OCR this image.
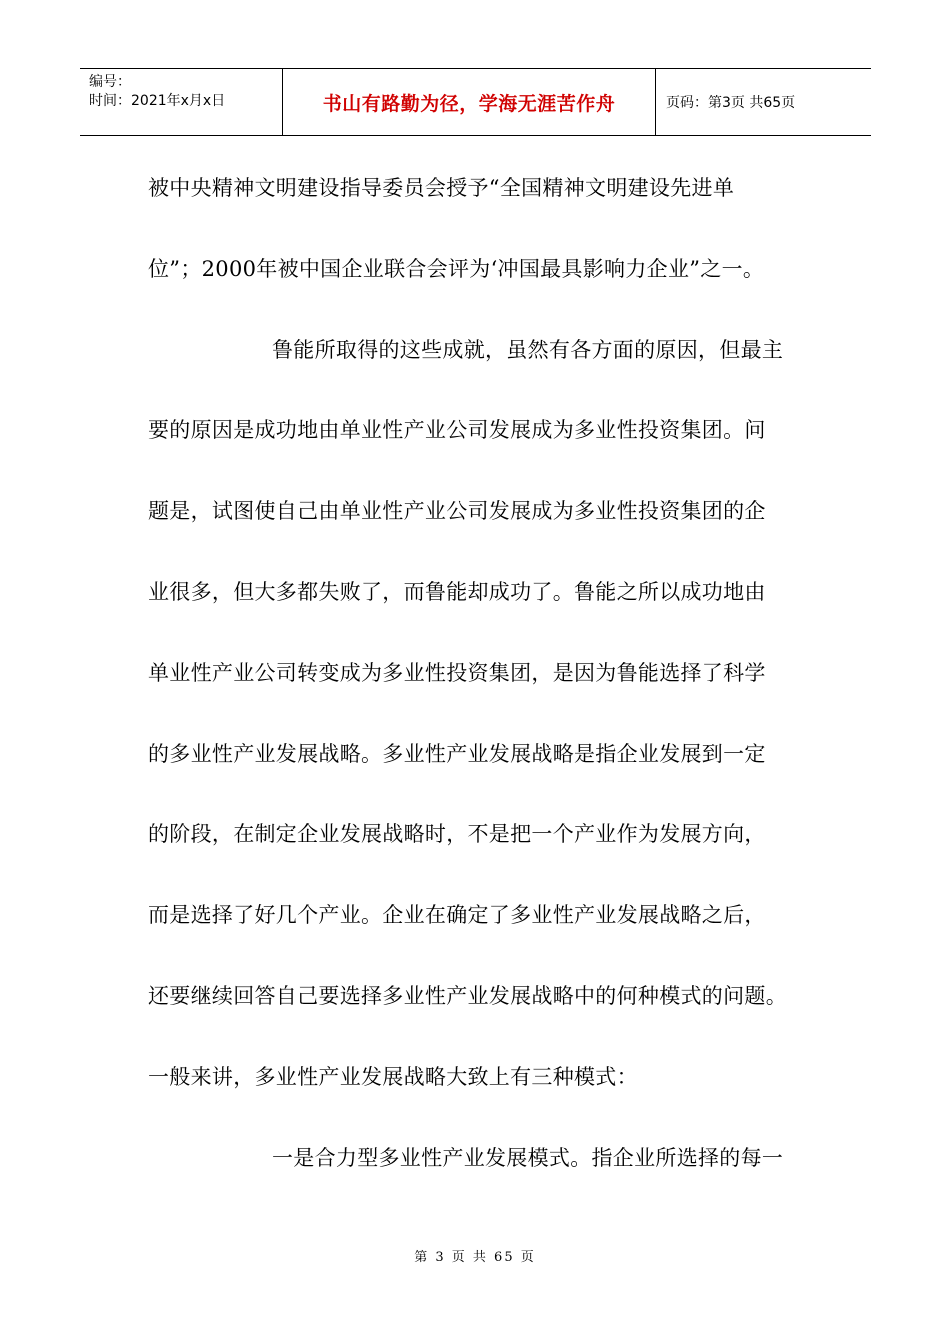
编号：
时间：2021年x月x日	书山有路勤为径，学海无涯苦作舟	页码：第3页 共65页
被中央精神文明建设指导委员会授予“全国精神文明建设先进单
位”；2000年被中国企业联合会评为‘冲国最具影响力企业”之一。
鲁能所取得的这些成就，虽然有各方面的原因，但最主
要的原因是成功地由单业性产业公司发展成为多业性投资集团。问
题是，试图使自己由单业性产业公司发展成为多业性投资集团的企
业很多，但大多都失败了，而鲁能却成功了。鲁能之所以成功地由
单业性产业公司转变成为多业性投资集团，是因为鲁能选择了科学
的多业性产业发展战略。多业性产业发展战略是指企业发展到一定
的阶段，在制定企业发展战略时，不是把一个产业作为发展方向，
而是选择了好几个产业。企业在确定了多业性产业发展战略之后，
还要继续回答自己要选择多业性产业发展战略中的何种模式的问题。
一般来讲，多业性产业发展战略大致上有三种模式：
一是合力型多业性产业发展模式。指企业所选择的每一
第 3 页 共 65 页
